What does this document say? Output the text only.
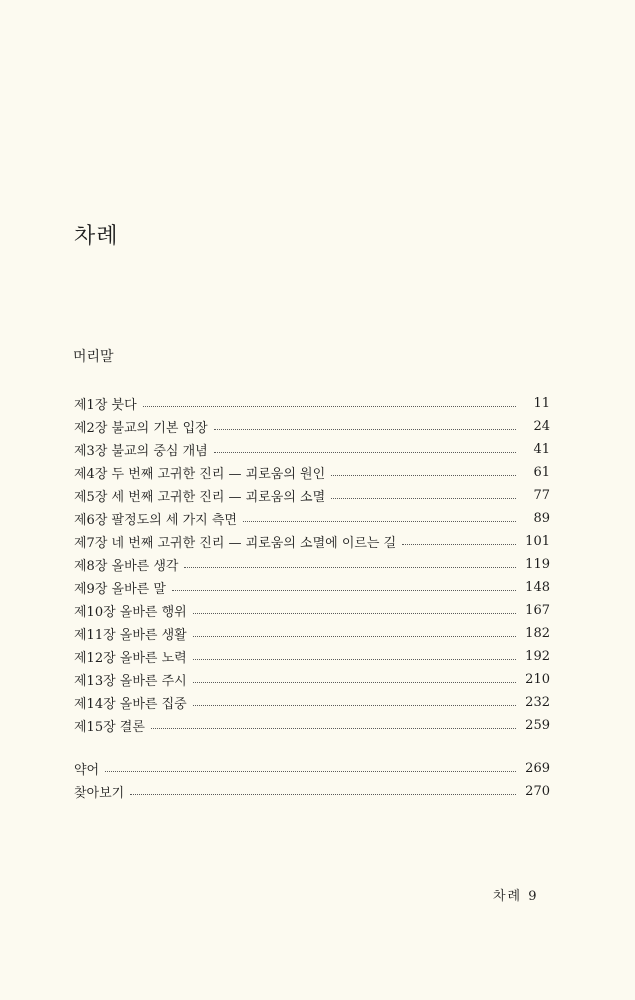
차례
머리말
제1장 붓다	11
제2장 불교의 기본 입장	24
제3장 불교의 중심 개념	41
제4장 두 번째 고귀한 진리 — 괴로움의 원인	61
제5장 세 번째 고귀한 진리 — 괴로움의 소멸	77
제6장 팔정도의 세 가지 측면	89
제7장 네 번째 고귀한 진리 — 괴로움의 소멸에 이르는 길	101
제8장 올바른 생각	119
제9장 올바른 말	148
제10장 올바른 행위	167
제11장 올바른 생활	182
제12장 올바른 노력	192
제13장 올바른 주시	210
제14장 올바른 집중	232
제15장 결론	259
약어	269
찾아보기	270
차례 9
